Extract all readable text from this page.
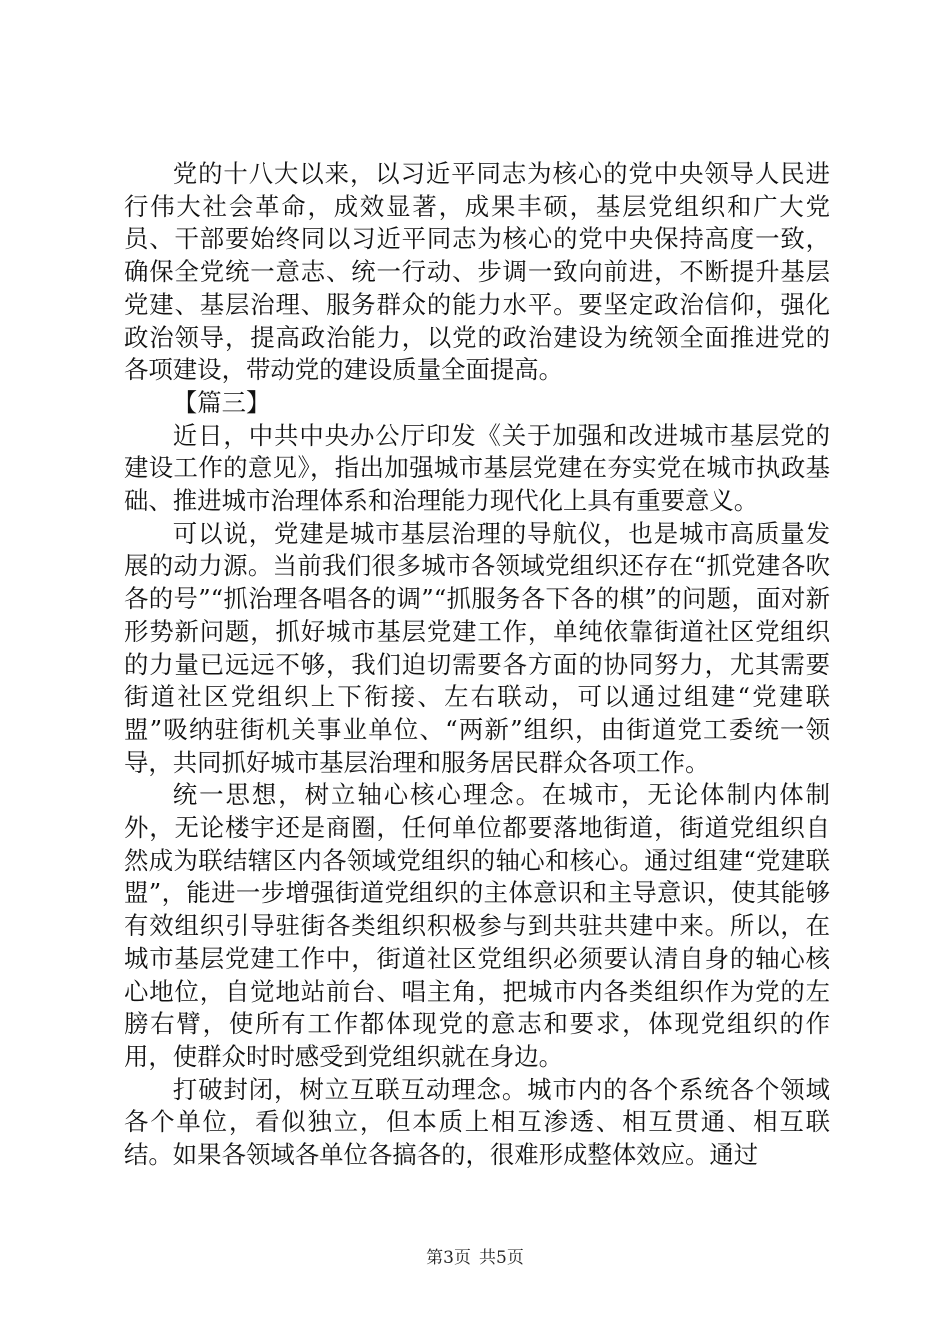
党的十八大以来，以习近平同志为核心的党中央领导人民进行伟大社会革命，成效显著，成果丰硕，基层党组织和广大党员、干部要始终同以习近平同志为核心的党中央保持高度一致，确保全党统一意志、统一行动、步调一致向前进，不断提升基层党建、基层治理、服务群众的能力水平。要坚定政治信仰，强化政治领导，提高政治能力，以党的政治建设为统领全面推进党的各项建设，带动党的建设质量全面提高。

【篇三】

近日，中共中央办公厅印发《关于加强和改进城市基层党的建设工作的意见》，指出加强城市基层党建在夯实党在城市执政基础、推进城市治理体系和治理能力现代化上具有重要意义。

可以说，党建是城市基层治理的导航仪，也是城市高质量发展的动力源。当前我们很多城市各领域党组织还存在“抓党建各吹各的号”“抓治理各唱各的调”“抓服务各下各的棋”的问题，面对新形势新问题，抓好城市基层党建工作，单纯依靠街道社区党组织的力量已远远不够，我们迫切需要各方面的协同努力，尤其需要街道社区党组织上下衔接、左右联动，可以通过组建“党建联盟”吸纳驻街机关事业单位、“两新”组织，由街道党工委统一领导，共同抓好城市基层治理和服务居民群众各项工作。

统一思想，树立轴心核心理念。在城市，无论体制内体制外，无论楼宇还是商圈，任何单位都要落地街道，街道党组织自然成为联结辖区内各领域党组织的轴心和核心。通过组建“党建联盟”，能进一步增强街道党组织的主体意识和主导意识，使其能够有效组织引导驻街各类组织积极参与到共驻共建中来。所以，在城市基层党建工作中，街道社区党组织必须要认清自身的轴心核心地位，自觉地站前台、唱主角，把城市内各类组织作为党的左膀右臂，使所有工作都体现党的意志和要求，体现党组织的作用，使群众时时感受到党组织就在身边。

打破封闭，树立互联互动理念。城市内的各个系统各个领域各个单位，看似独立，但本质上相互渗透、相互贯通、相互联结。如果各领域各单位各搞各的，很难形成整体效应。通过

第3页 共5页
